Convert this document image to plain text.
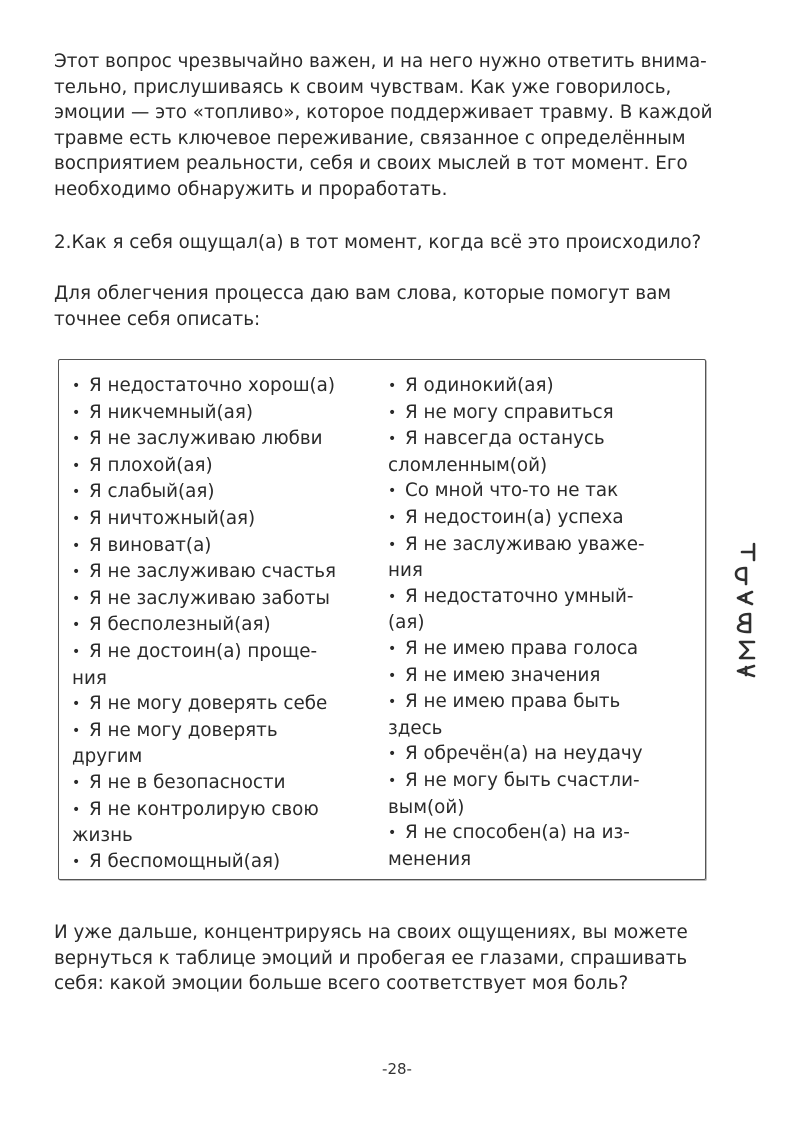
Этот вопрос чрезвычайно важен, и на него нужно ответить внима-
тельно, прислушиваясь к своим чувствам. Как уже говорилось,
эмоции — это «топливо», которое поддерживает травму. В каждой
травме есть ключевое переживание, связанное с определённым
восприятием реальности, себя и своих мыслей в тот момент. Его
необходимо обнаружить и проработать.

2.Как я себя ощущал(а) в тот момент, когда всё это происходило?

Для облегчения процесса даю вам слова, которые помогут вам
точнее себя описать:

• Я недостаточно хорош(а)
• Я никчемный(ая)
• Я не заслуживаю любви
• Я плохой(ая)
• Я слабый(ая)
• Я ничтожный(ая)
• Я виноват(а)
• Я не заслуживаю счастья
• Я не заслуживаю заботы
• Я бесполезный(ая)
• Я не достоин(а) проще-
ния
• Я не могу доверять себе
• Я не могу доверять
другим
• Я не в безопасности
• Я не контролирую свою
жизнь
• Я беспомощный(ая)
• Я одинокий(ая)
• Я не могу справиться
• Я навсегда останусь
сломленным(ой)
• Со мной что-то не так
• Я недостоин(а) успеха
• Я не заслуживаю уваже-
ния
• Я недостаточно умный-
(ая)
• Я не имею права голоса
• Я не имею значения
• Я не имею права быть
здесь
• Я обречён(а) на неудачу
• Я не могу быть счастли-
вым(ой)
• Я не способен(а) на из-
менения

И уже дальше, концентрируясь на своих ощущениях, вы можете
вернуться к таблице эмоций и пробегая ее глазами, спрашивать
себя: какой эмоции больше всего соответствует моя боль?

-28-
